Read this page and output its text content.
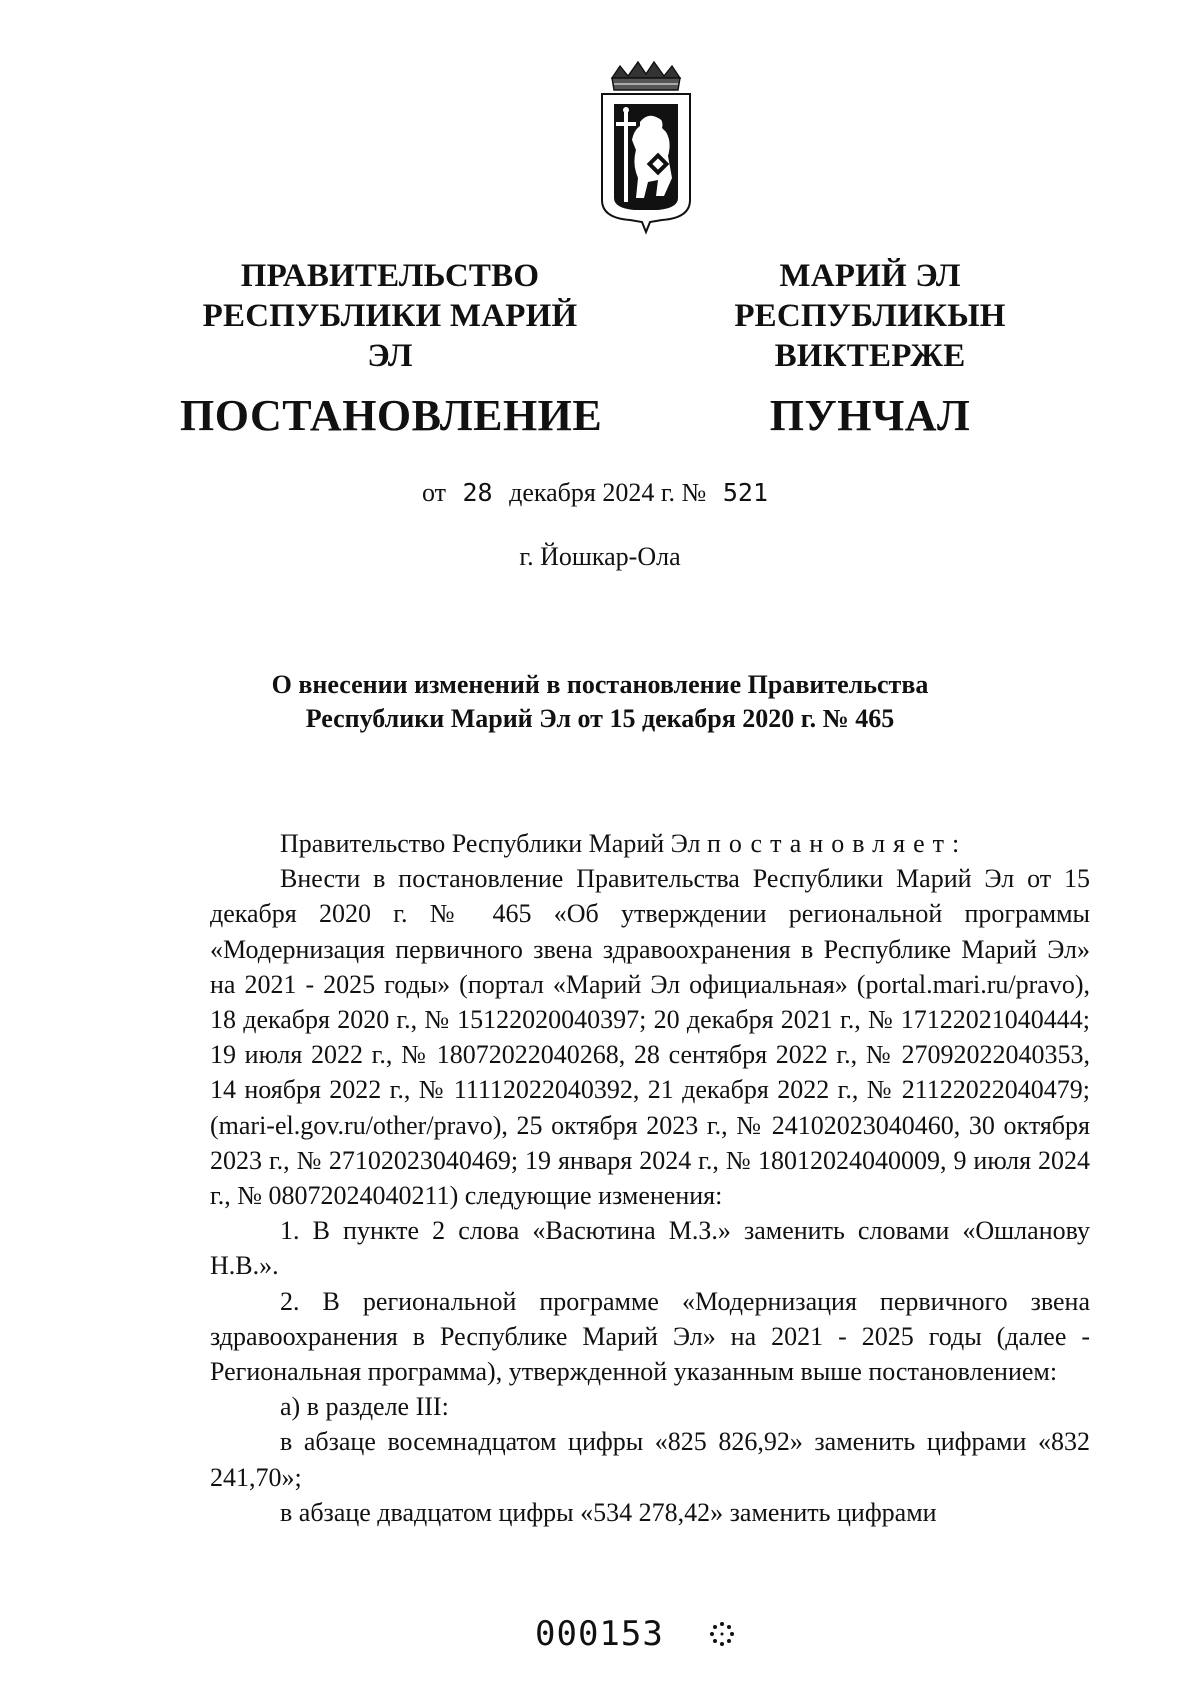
ПРАВИТЕЛЬСТВО
РЕСПУБЛИКИ МАРИЙ ЭЛ
ПОСТАНОВЛЕНИЕ
МАРИЙ ЭЛ РЕСПУБЛИКЫН
ВИКТЕРЖЕ
ПУНЧАЛ
от 28 декабря 2024 г. № 521
г. Йошкар-Ола
О внесении изменений в постановление Правительства
Республики Марий Эл от 15 декабря 2020 г. № 465

Правительство Республики Марий Эл постановляет:

Внести в постановление Правительства Республики Марий Эл от 15 декабря 2020 г. № 465 «Об утверждении региональной программы «Модернизация первичного звена здравоохранения в Республике Марий Эл» на 2021 - 2025 годы» (портал «Марий Эл официальная» (portal.mari.ru/pravo), 18 декабря 2020 г., № 15122020040397; 20 декабря 2021 г., № 17122021040444; 19 июля 2022 г., № 18072022040268, 28 сентября 2022 г., № 27092022040353, 14 ноября 2022 г., № 11112022040392, 21 декабря 2022 г., № 21122022040479; (mari-el.gov.ru/other/pravo), 25 октября 2023 г., № 24102023040460, 30 октября 2023 г., № 27102023040469; 19 января 2024 г., № 18012024040009, 9 июля 2024 г., № 08072024040211) следующие изменения:

1. В пункте 2 слова «Васютина М.З.» заменить словами «Ошланову Н.В.».

2. В региональной программе «Модернизация первичного звена здравоохранения в Республике Марий Эл» на 2021 - 2025 годы (далее - Региональная программа), утвержденной указанным выше постановлением:

а) в разделе III:

в абзаце восемнадцатом цифры «825 826,92» заменить цифрами «832 241,70»;

в абзаце двадцатом цифры «534 278,42» заменить цифрами

000153
